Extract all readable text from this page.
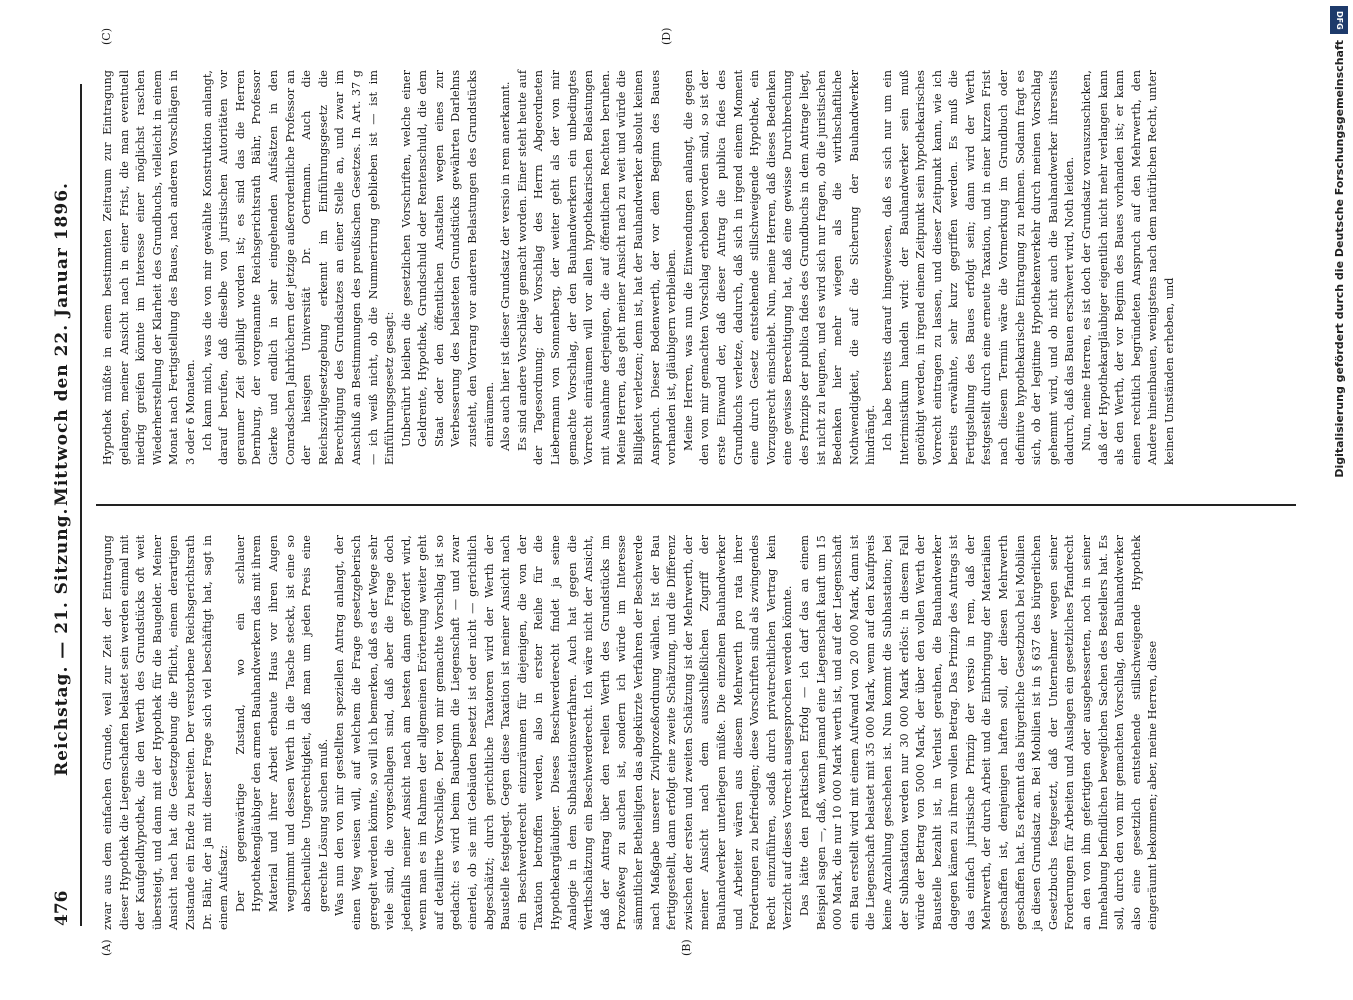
476
Reichstag. — 21. Sitzung.
Mittwoch den 22. Januar 1896.
(A)	(B)
(C)	(D)

zwar aus dem einfachen Grunde, weil zur Zeit der Eintragung dieser Hypothek die Liegenschaften belastet sein werden einmal mit der Kaufgeldhypothek, die den Werth des Grundstücks oft weit übersteigt, und dann mit der Hypothek für die Baugelder. Meiner Ansicht nach hat die Gesetzgebung die Pflicht, einem derartigen Zustande ein Ende zu bereiten. Der verstorbene Reichsgerichtsrath Dr. Bähr, der ja mit dieser Frage sich viel beschäftigt hat, sagt in einem Aufsatz: Der gegenwärtige Zustand, wo ein schlauer Hypothekengläubiger den armen Bauhandwerkern das mit ihrem Material und ihrer Arbeit erbaute Haus vor ihren Augen wegnimmt und dessen Werth in die Tasche steckt, ist eine so abscheuliche Ungerechtigkeit, daß man um jeden Preis eine gerechte Lösung suchen muß. Was nun den von mir gestellten speziellen Antrag anlangt, der einen Weg weisen will, auf welchem die Frage gesetzgeberisch geregelt werden könnte, so will ich bemerken, daß es der Wege sehr viele sind, die vorgeschlagen sind, daß aber die Frage doch jedenfalls meiner Ansicht nach am besten dann gefördert wird, wenn man es im Rahmen der allgemeinen Erörterung weiter geht auf detaillirte Vorschläge. Der von mir gemachte Vorschlag ist so gedacht: es wird beim Baubeginn die Liegenschaft — und zwar einerlei, ob sie mit Gebäuden besetzt ist oder nicht — gerichtlich abgeschätzt; durch gerichtliche Taxatoren wird der Werth der Baustelle festgelegt. Gegen diese Taxation ist meiner Ansicht nach ein Beschwerderecht einzuräumen für diejenigen, die von der Taxation betroffen werden, also in erster Reihe für die Hypothekargläubiger. Dieses Beschwerderecht findet ja seine Analogie in dem Subhastationsverfahren. Auch hat gegen die Werthschätzung ein Beschwerderecht. Ich wäre nicht der Ansicht, daß der Antrag über den reellen Werth des Grundstücks im Prozeßweg zu suchen ist, sondern ich würde im Interesse sämmtlicher Betheiligten das abgekürzte Verfahren der Beschwerde nach Maßgabe unserer Zivilprozeßordnung wählen. Ist der Bau fertiggestellt, dann erfolgt eine zweite Schätzung, und die Differenz zwischen der ersten und zweiten Schätzung ist der Mehrwerth, der meiner Ansicht nach dem ausschließlichen Zugriff der Bauhandwerker unterliegen müßte. Die einzelnen Bauhandwerker und Arbeiter wären aus diesem Mehrwerth pro rata ihrer Forderungen zu befriedigen; diese Vorschriften sind als zwingendes Recht einzuführen, sodaß durch privatrechtlichen Vertrag kein Verzicht auf dieses Vorrecht ausgesprochen werden könnte. Das hätte den praktischen Erfolg — ich darf das an einem Beispiel sagen —, daß, wenn jemand eine Liegenschaft kauft um 15 000 Mark, die nur 10 000 Mark werth ist, und auf der Liegenschaft ein Bau erstellt wird mit einem Aufwand von 20 000 Mark, dann ist die Liegenschaft belastet mit 35 000 Mark, wenn auf den Kaufpreis keine Anzahlung geschehen ist. Nun kommt die Subhastation; bei der Subhastation werden nur 30 000 Mark erlöst: in diesem Fall würde der Betrag von 5000 Mark, der über den vollen Werth der Baustelle bezahlt ist, in Verlust gerathen, die Bauhandwerker dagegen kämen zu ihrem vollen Betrag. Das Prinzip des Antrags ist das einfach juristische Prinzip der versio in rem, daß der Mehrwerth, der durch Arbeit und die Einbringung der Materialien geschaffen ist, demjenigen haften soll, der diesen Mehrwerth geschaffen hat. Es erkennt das bürgerliche Gesetzbuch bei Mobilien ja diesen Grundsatz an. Bei Mobilien ist in § 637 des bürgerlichen Gesetzbuchs festgesetzt, daß der Unternehmer wegen seiner Forderungen für Arbeiten und Auslagen ein gesetzliches Pfandrecht an den von ihm gefertigten oder ausgebesserten, noch in seiner Innehabung befindlichen beweglichen Sachen des Bestellers hat. Es soll, durch den von mir gemachten Vorschlag, den Bauhandwerker also eine gesetzlich entstehende stillschweigende Hypothek eingeräumt bekommen; aber, meine Herren, diese

Hypothek müßte in einem bestimmten Zeitraum zur Eintragung gelangen, meiner Ansicht nach in einer Frist, die man eventuell niedrig greifen könnte im Interesse einer möglichst raschen Wiederherstellung der Klarheit des Grundbuchs, vielleicht in einem Monat nach Fertigstellung des Baues, nach anderen Vorschlägen in 3 oder 6 Monaten. Ich kann mich, was die von mir gewählte Konstruktion anlangt, darauf berufen, daß dieselbe von juristischen Autoritäten vor geraumer Zeit gebilligt worden ist; es sind das die Herren Dernburg, der vorgenannte Reichsgerichtsrath Bähr, Professor Gierke und endlich in sehr eingehenden Aufsätzen in den Conradschen Jahrbüchern der jetzige außerordentliche Professor an der hiesigen Universität Dr. Oertmann. Auch die Reichszivilgesetzgebung erkennt im Einführungsgesetz die Berechtigung des Grundsatzes an einer Stelle an, und zwar im Anschluß an Bestimmungen des preußischen Gesetzes. In Art. 37 g — ich weiß nicht, ob die Nummerirung geblieben ist — ist im Einführungsgesetz gesagt: Unberührt bleiben die gesetzlichen Vorschriften, welche einer Geldrente, Hypothek, Grundschuld oder Rentenschuld, die dem Staat oder den öffentlichen Anstalten wegen eines zur Verbesserung des belasteten Grundstücks gewährten Darlehns zusteht, den Vorrang vor anderen Belastungen des Grundstücks einräumen. Also auch hier ist dieser Grundsatz der versio in rem anerkannt. Es sind andere Vorschläge gemacht worden. Einer steht heute auf der Tagesordnung; der Vorschlag des Herrn Abgeordneten Liebermann von Sonnenberg, der weiter geht als der von mir gemachte Vorschlag, der den Bauhandwerkern ein unbedingtes Vorrecht einräumen will vor allen hypothekarischen Belastungen mit Ausnahme derjenigen, die auf öffentlichen Rechten beruhen. Meine Herren, das geht meiner Ansicht nach zu weit und würde die Billigkeit verletzen; denn ist, hat der Bauhandwerker absolut keinen Anspruch. Dieser Bodenwerth, der vor dem Beginn des Baues vorhanden ist, gläubigern verbleiben. Meine Herren, was nun die Einwendungen anlangt, die gegen den von mir gemachten Vorschlag erhoben worden sind, so ist der erste Einwand der, daß dieser Antrag die publica fides des Grundbuchs verletze, dadurch, daß sich in irgend einem Moment eine durch Gesetz entstehende stillschweigende Hypothek, ein Vorzugsrecht einschiebt. Nun, meine Herren, daß dieses Bedenken eine gewisse Berechtigung hat, daß eine gewisse Durchbrechung des Prinzips der publica fides des Grundbuchs in dem Antrage liegt, ist nicht zu leugnen, und es wird sich nur fragen, ob die juristischen Bedenken hier mehr wiegen als die wirthschaftliche Nothwendigkeit, die auf die Sicherung der Bauhandwerker hindrängt. Ich habe bereits darauf hingewiesen, daß es sich nur um ein Interimistikum handeln wird: der Bauhandwerker sein muß genöthigt werden, in irgend einem Zeitpunkt sein hypothekarisches Vorrecht eintragen zu lassen, und dieser Zeitpunkt kann, wie ich bereits erwähnte, sehr kurz gegriffen werden. Es muß die Fertigstellung des Baues erfolgt sein; dann wird der Werth festgestellt durch eine erneute Taxation, und in einer kurzen Frist nach diesem Termin wäre die Vormerkung im Grundbuch oder definitive hypothekarische Eintragung zu nehmen. Sodann fragt es sich, ob der legitime Hypothekenverkehr durch meinen Vorschlag gehemmt wird, und ob nicht auch die Bauhandwerker ihrerseits dadurch, daß das Bauen erschwert wird, Noth leiden. Nun, meine Herren, es ist doch der Grundsatz vorauszuschicken, daß der Hypothekargläubiger eigentlich nicht mehr verlangen kann als den Werth, der vor Beginn des Baues vorhanden ist; er kann einen rechtlich begründeten Anspruch auf den Mehrwerth, den Andere hineinbauen, wenigstens nach dem natürlichen Recht, unter keinen Umständen erheben, und

DFG
Digitalisierung gefördert durch die Deutsche Forschungsgemeinschaft
